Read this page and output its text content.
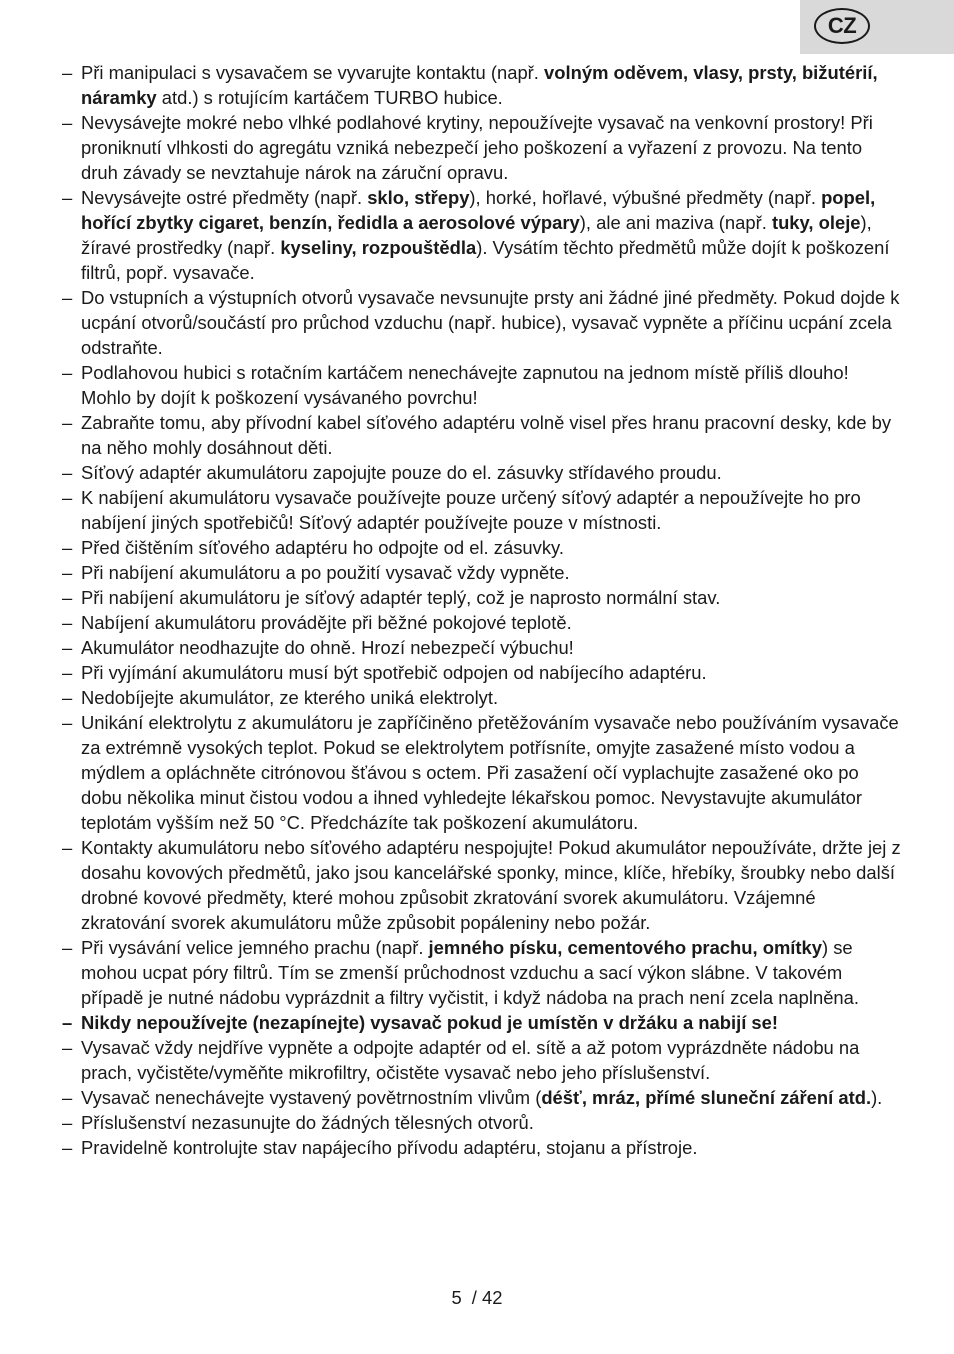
CZ
– Při manipulaci s vysavačem se vyvarujte kontaktu (např. volným oděvem, vlasy, prsty, bižutérií, náramky atd.) s rotujícím kartáčem TURBO hubice.
– Nevysávejte mokré nebo vlhké podlahové krytiny, nepoužívejte vysavač na venkovní prostory! Při proniknutí vlhkosti do agregátu vzniká nebezpečí jeho poškození a vyřazení z provozu. Na tento druh závady se nevztahuje nárok na záruční opravu.
– Nevysávejte ostré předměty (např. sklo, střepy), horké, hořlavé, výbušné předměty (např. popel, hořící zbytky cigaret, benzín, ředidla a aerosolové výpary), ale ani maziva (např. tuky, oleje), žíravé prostředky (např. kyseliny, rozpouštědla). Vysátím těchto předmětů může dojít k poškození filtrů, popř. vysavače.
– Do vstupních a výstupních otvorů vysavače nevsunujte prsty ani žádné jiné předměty. Pokud dojde k ucpání otvorů/součástí pro průchod vzduchu (např. hubice), vysavač vypněte a příčinu ucpání zcela odstraňte.
– Podlahovou hubici s rotačním kartáčem nenechávejte zapnutou na jednom místě příliš dlouho! Mohlo by dojít k poškození vysávaného povrchu!
– Zabraňte tomu, aby přívodní kabel síťového adaptéru volně visel přes hranu pracovní desky, kde by na něho mohly dosáhnout děti.
– Síťový adaptér akumulátoru zapojujte pouze do el. zásuvky střídavého proudu.
– K nabíjení akumulátoru vysavače používejte pouze určený síťový adaptér a nepoužívejte ho pro nabíjení jiných spotřebičů! Síťový adaptér používejte pouze v místnosti.
– Před čištěním síťového adaptéru ho odpojte od el. zásuvky.
– Při nabíjení akumulátoru a po použití vysavač vždy vypněte.
– Při nabíjení akumulátoru je síťový adaptér teplý, což je naprosto normální stav.
– Nabíjení akumulátoru provádějte při běžné pokojové teplotě.
– Akumulátor neodhazujte do ohně. Hrozí nebezpečí výbuchu!
– Při vyjímání akumulátoru musí být spotřebič odpojen od nabíjecího adaptéru.
– Nedobíjejte akumulátor, ze kterého uniká elektrolyt.
– Unikání elektrolytu z akumulátoru je zapříčiněno přetěžováním vysavače nebo používáním vysavače za extrémně vysokých teplot. Pokud se elektrolytem potřísníte, omyjte zasažené místo vodou a mýdlem a opláchněte citrónovou šťávou s octem. Při zasažení očí vyplachujte zasažené oko po dobu několika minut čistou vodou a ihned vyhledejte lékařskou pomoc. Nevystavujte akumulátor teplotám vyšším než 50 °C. Předcházíte tak poškození akumulátoru.
– Kontakty akumulátoru nebo síťového adaptéru nespojujte! Pokud akumulátor nepoužíváte, držte jej z dosahu kovových předmětů, jako jsou kancelářské sponky, mince, klíče, hřebíky, šroubky nebo další drobné kovové předměty, které mohou způsobit zkratování svorek akumulátoru. Vzájemné zkratování svorek akumulátoru může způsobit popáleniny nebo požár.
– Při vysávání velice jemného prachu (např. jemného písku, cementového prachu, omítky) se mohou ucpat póry filtrů. Tím se zmenší průchodnost vzduchu a sací výkon slábne. V takovém případě je nutné nádobu vyprázdnit a filtry vyčistit, i když nádoba na prach není zcela naplněna.
– Nikdy nepoužívejte (nezapínejte) vysavač pokud je umístěn v držáku a nabijí se!
– Vysavač vždy nejdříve vypněte a odpojte adaptér od el. sítě a až potom vyprázdněte nádobu na prach, vyčistěte/vyměňte mikrofiltry, očistěte vysavač nebo jeho příslušenství.
– Vysavač nenechávejte vystavený povětrnostním vlivům (déšť, mráz, přímé sluneční záření atd.).
– Příslušenství nezasunujte do žádných tělesných otvorů.
– Pravidelně kontrolujte stav napájecího přívodu adaptéru, stojanu a přístroje.
5 / 42
